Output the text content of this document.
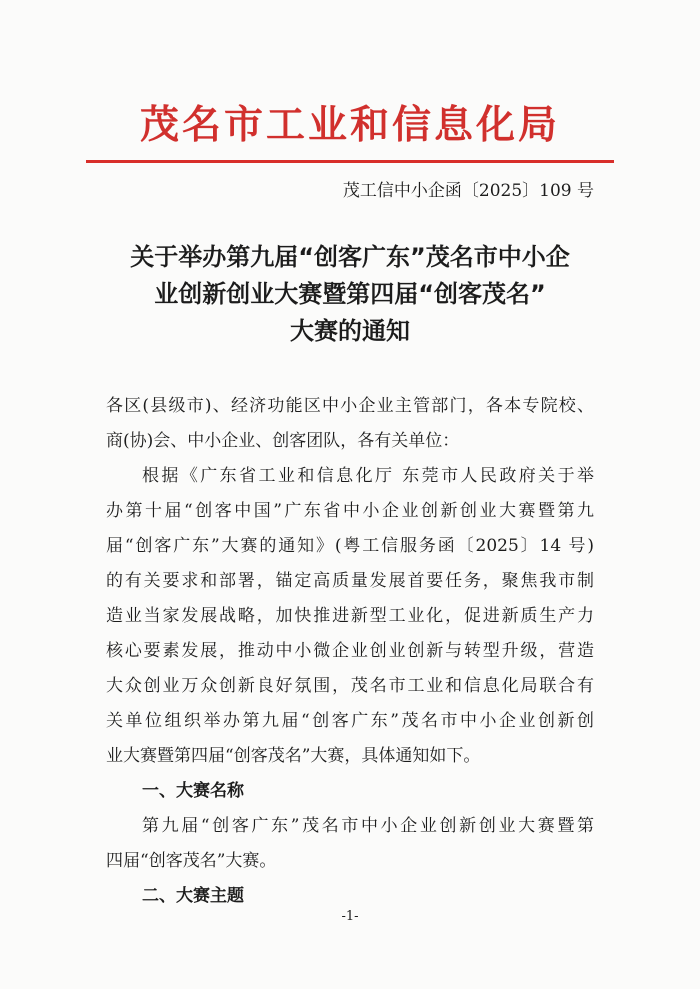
茂名市工业和信息化局
茂工信中小企函〔2025〕109 号
关于举办第九届“创客广东”茂名市中小企
业创新创业大赛暨第四届“创客茂名”
大赛的通知
各区(县级市)、经济功能区中小企业主管部门，各本专院校、
商(协)会、中小企业、创客团队，各有关单位：
根据《广东省工业和信息化厅 东莞市人民政府关于举
办第十届“创客中国”广东省中小企业创新创业大赛暨第九
届“创客广东”大赛的通知》(粤工信服务函〔2025〕14 号)
的有关要求和部署，锚定高质量发展首要任务，聚焦我市制
造业当家发展战略，加快推进新型工业化，促进新质生产力
核心要素发展，推动中小微企业创业创新与转型升级，营造
大众创业万众创新良好氛围，茂名市工业和信息化局联合有
关单位组织举办第九届“创客广东”茂名市中小企业创新创
业大赛暨第四届“创客茂名”大赛，具体通知如下。
一、大赛名称
第九届“创客广东”茂名市中小企业创新创业大赛暨第
四届“创客茂名”大赛。
二、大赛主题
-1-
